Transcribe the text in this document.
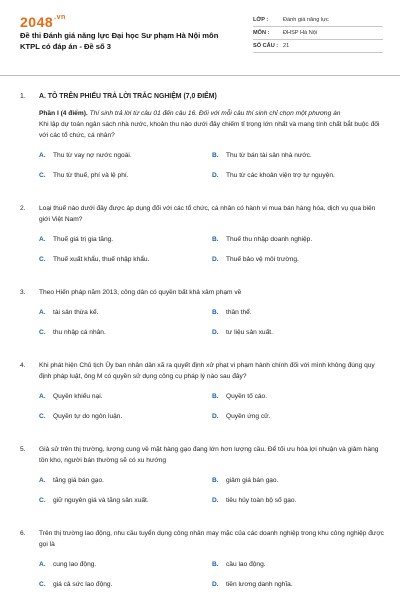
$2048^{.vn}$
Đề thi Đánh giá năng lực Đại học Sư phạm Hà Nội môn KTPL có đáp án - Đề số 3
LỚP :	Đánh giá năng lực
MÔN :	ĐHSP Hà Nội
SỐ CÂU : 21
1.	A. TÔ TRÊN PHIẾU TRẢ LỜI TRẮC NGHIỆM (7,0 ĐIỂM)
Phần I (4 điểm). Thí sinh trả lời từ câu 01 đến câu 16. Đối với mỗi câu thí sinh chỉ chọn một phương án
Khi lập dự toán ngân sách nhà nước, khoản thu nào dưới đây chiếm tỉ trọng lớn nhất và mang tính chất bắt buộc đối với các tổ chức, cá nhân?
A.	Thu từ vay nợ nước ngoài.	B.	Thu từ bán tài sản nhà nước.
C.	Thu từ thuế, phí và lệ phí.	D.	Thu từ các khoản viện trợ tự nguyện.
2.	Loại thuế nào dưới đây được áp dụng đối với các tổ chức, cá nhân có hành vi mua bán hàng hóa, dịch vụ qua biên giới Việt Nam?
A.	Thuế giá trị gia tăng.	B.	Thuế thu nhập doanh nghiệp.
C.	Thuế xuất khẩu, thuế nhập khẩu.	D.	Thuế bảo vệ môi trường.
3.	Theo Hiến pháp năm 2013, công dân có quyền bất khả xâm phạm về
A.	tài sản thừa kế.	B.	thân thể.
C.	thu nhập cá nhân.	D.	tư liệu sản xuất.
4.	Khi phát hiện Chủ tịch Ủy ban nhân dân xã ra quyết định xử phạt vi phạm hành chính đối với mình không đúng quy định pháp luật, ông M có quyền sử dụng công cụ pháp lý nào sau đây?
A.	Quyền khiếu nại.	B.	Quyền tố cáo.
C.	Quyền tự do ngôn luận.	D.	Quyền ứng cử.
5.	Giả sử trên thị trường, lượng cung về mặt hàng gạo đang lớn hơn lượng cầu. Để tối ưu hóa lợi nhuận và giảm hàng tồn kho, người bán thường sẽ có xu hướng
A.	tăng giá bán gạo.	B.	giảm giá bán gạo.
C.	giữ nguyên giá và tăng sản xuất.	D.	tiêu hủy toàn bộ số gạo.
6.	Trên thị trường lao động, nhu cầu tuyển dụng công nhân may mặc của các doanh nghiệp trong khu công nghiệp được gọi là
A.	cung lao động.	B.	cầu lao động.
C.	giá cả sức lao động.	D.	tiền lương danh nghĩa.
